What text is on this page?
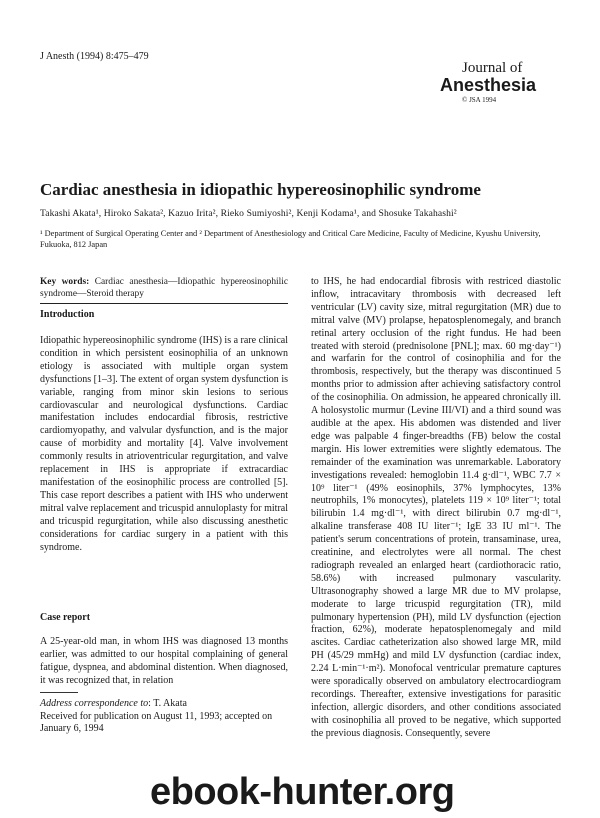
J Anesth (1994) 8:475–479
Journal of
Anesthesia
© JSA 1994
Cardiac anesthesia in idiopathic hypereosinophilic syndrome
Takashi Akata¹, Hiroko Sakata², Kazuo Irita², Rieko Sumiyoshi², Kenji Kodama¹, and Shosuke Takahashi²
¹ Department of Surgical Operating Center and ² Department of Anesthesiology and Critical Care Medicine, Faculty of Medicine, Kyushu University, Fukuoka, 812 Japan
Key words: Cardiac anesthesia—Idiopathic hypereosinophilic syndrome—Steroid therapy
Introduction
Idiopathic hypereosinophilic syndrome (IHS) is a rare clinical condition in which persistent eosinophilia of an unknown etiology is associated with multiple organ system dysfunctions [1–3]. The extent of organ system dysfunction is variable, ranging from minor skin lesions to serious cardiovascular and neurological dysfunctions. Cardiac manifestation includes endocardial fibrosis, restrictive cardiomyopathy, and valvular dysfunction, and is the major cause of morbidity and mortality [4]. Valve involvement commonly results in atrioventricular regurgitation, and valve replacement in IHS is appropriate if extracardiac manifestation of the eosinophilic process are controlled [5]. This case report describes a patient with IHS who underwent mitral valve replacement and tricuspid annuloplasty for mitral and tricuspid regurgitation, while also discussing anesthetic considerations for cardiac surgery in a patient with this syndrome.
Case report
A 25-year-old man, in whom IHS was diagnosed 13 months earlier, was admitted to our hospital complaining of general fatigue, dyspnea, and abdominal distention. When diagnosed, it was recognized that, in relation
Address correspondence to: T. Akata
Received for publication on August 11, 1993; accepted on January 6, 1994
to IHS, he had endocardial fibrosis with restriced diastolic inflow, intracavitary thrombosis with decreased left ventricular (LV) cavity size, mitral regurgitation (MR) due to mitral valve (MV) prolapse, hepatosplenomegaly, and branch retinal artery occlusion of the right fundus. He had been treated with steroid (prednisolone [PNL]; max. 60 mg·day⁻¹) and warfarin for the control of cosinophilia and for the thrombosis, respectively, but the therapy was discontinued 5 months prior to admission after achieving satisfactory control of the cosinophilia. On admission, he appeared chronically ill. A holosystolic murmur (Levine III/VI) and a third sound was audible at the apex. His abdomen was distended and liver edge was palpable 4 finger-breadths (FB) below the costal margin. His lower extremities were slightly edematous. The remainder of the examination was unremarkable. Laboratory investigations revealed: hemoglobin 11.4 g·dl⁻¹, WBC 7.7 × 10⁹ liter⁻¹ (49% eosinophils, 37% lymphocytes, 13% neutrophils, 1% monocytes), platelets 119 × 10⁹ liter⁻¹; total bilirubin 1.4 mg·dl⁻¹, with direct bilirubin 0.7 mg·dl⁻¹, alkaline transferase 408 IU liter⁻¹; IgE 33 IU ml⁻¹. The patient's serum concentrations of protein, transaminase, urea, creatinine, and electrolytes were all normal. The chest radiograph revealed an enlarged heart (cardiothoracic ratio, 58.6%) with increased pulmonary vascularity. Ultrasonography showed a large MR due to MV prolapse, moderate to large tricuspid regurgitation (TR), mild pulmonary hypertension (PH), mild LV dysfunction (ejection fraction, 62%), moderate hepatosplenomegaly and mild ascites. Cardiac catheterization also showed large MR, mild PH (45/29 mmHg) and mild LV dysfunction (cardiac index, 2.24 L·min⁻¹·m²). Monofocal ventricular premature captures were sporadically observed on ambulatory electrocardiogram recordings. Thereafter, extensive investigations for parasitic infection, allergic disorders, and other conditions associated with cosinophilia all proved to be negative, which supported the previous diagnosis. Consequently, severe
ebook-hunter.org
